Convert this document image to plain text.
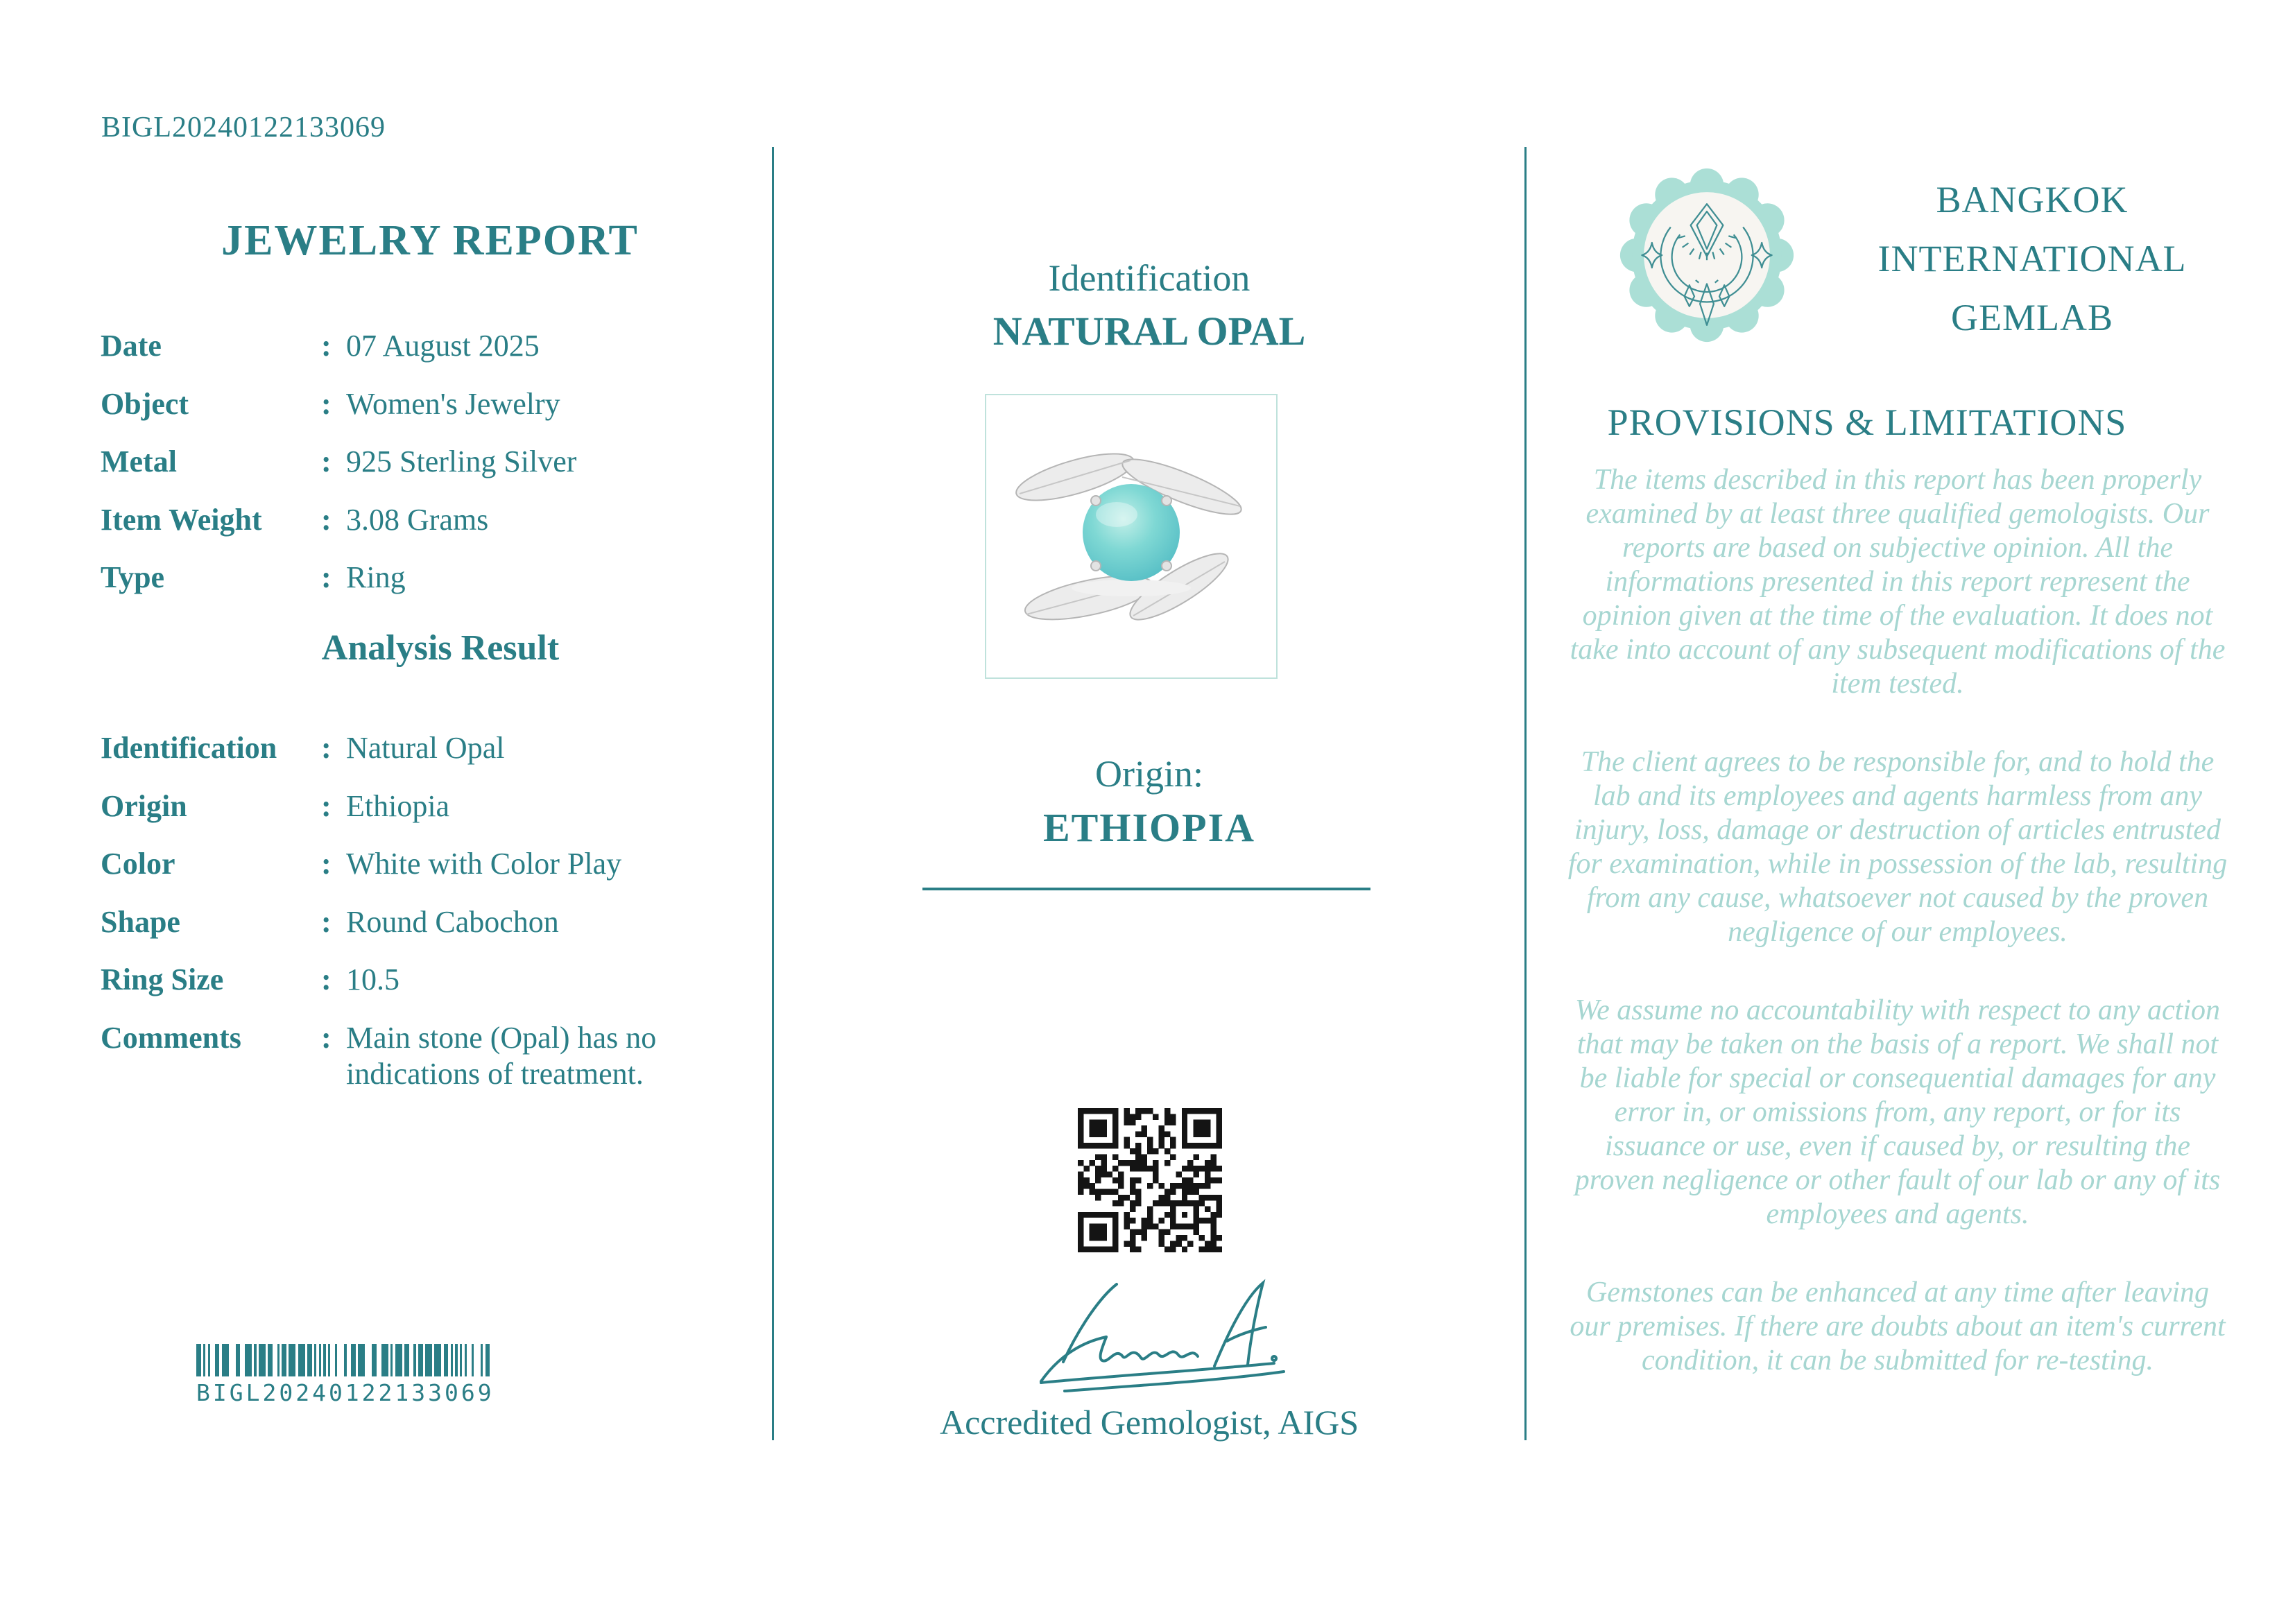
BIGL20240122133069
JEWELRY REPORT
Date	: 07 August 2025
Object	: Women's Jewelry
Metal	: 925 Sterling Silver
Item Weight	: 3.08 Grams
Type	: Ring
Analysis Result
Identification	: Natural Opal
Origin	: Ethiopia
Color	: White with Color Play
Shape	: Round Cabochon
Ring Size	: 10.5
Comments	: Main stone (Opal) has no indications of treatment.
BIGL20240122133069
Identification
NATURAL OPAL
Origin:
ETHIOPIA
Accredited Gemologist, AIGS
BANGKOK
INTERNATIONAL
GEMLAB
PROVISIONS & LIMITATIONS

The items described in this report has been properly examined by at least three qualified gemologists. Our reports are based on subjective opinion. All the informations presented in this report represent the opinion given at the time of the evaluation. It does not take into account of any subsequent modifications of the item tested.

The client agrees to be responsible for, and to hold the lab and its employees and agents harmless from any injury, loss, damage or destruction of articles entrusted for examination, while in possession of the lab, resulting from any cause, whatsoever not caused by the proven negligence of our employees.

We assume no accountability with respect to any action that may be taken on the basis of a report. We shall not be liable for special or consequential damages for any error in, or omissions from, any report, or for its issuance or use, even if caused by, or resulting the proven negligence or other fault of our lab or any of its employees and agents.

Gemstones can be enhanced at any time after leaving our premises. If there are doubts about an item's current condition, it can be submitted for re-testing.
